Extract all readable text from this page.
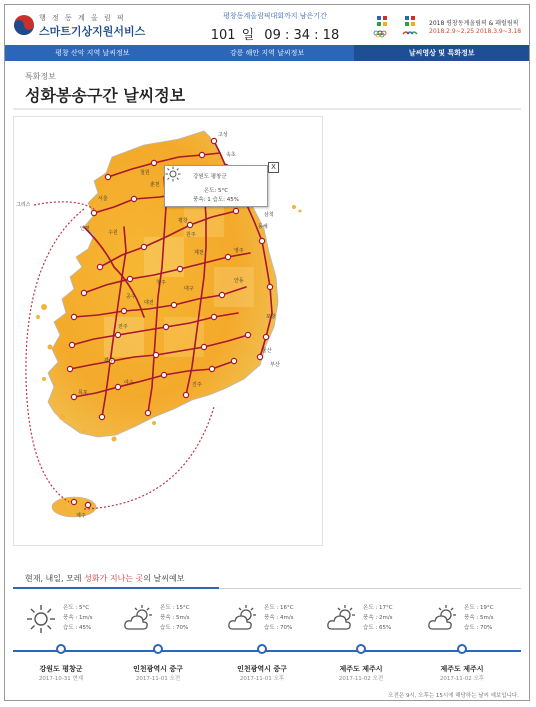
행 정 동 계 올 림 픽
스마트기상지원서비스
평창동계올림픽대회까지 남은기간
101 일 09 : 34 : 18
2018 평창동계올림픽 & 패럴림픽
2018.2.9~2.25 2018.3.9~3.18
평창 산악 지역 날씨정보	강릉 해안 지역 날씨정보	날씨영상 및 특화정보
특화정보
성화봉송구간 날씨정보
고성
속초
철원
춘천
평창
동해
삼척
원주
그리스
제천	영주
안동
포항
울산
부산
진주
여수
목포
광주
전주
공주
대전
청주
대구
서울
인천
수원
제주
강원도 평창군
X
온도: 5°C
풍속: 1 습도: 45%
현재, 내일, 모레 성화가 지나는 곳의 날씨예보
오전은 9시, 오후는 15시에 해당하는 날씨 예보입니다.
온도 : 5°C
풍속 : 1m/s
습도 : 45%
강원도 평창군
2017-10-31 현재
온도 : 15°C
풍속 : 5m/s
습도 : 70%
인천광역시 중구
2017-11-01 오전
온도 : 16°C
풍속 : 4m/s
습도 : 70%
인천광역시 중구
2017-11-01 오후
온도 : 17°C
풍속 : 2m/s
습도 : 65%
제주도 제주시
2017-11-02 오전
온도 : 19°C
풍속 : 5m/s
습도 : 70%
제주도 제주시
2017-11-02 오후
